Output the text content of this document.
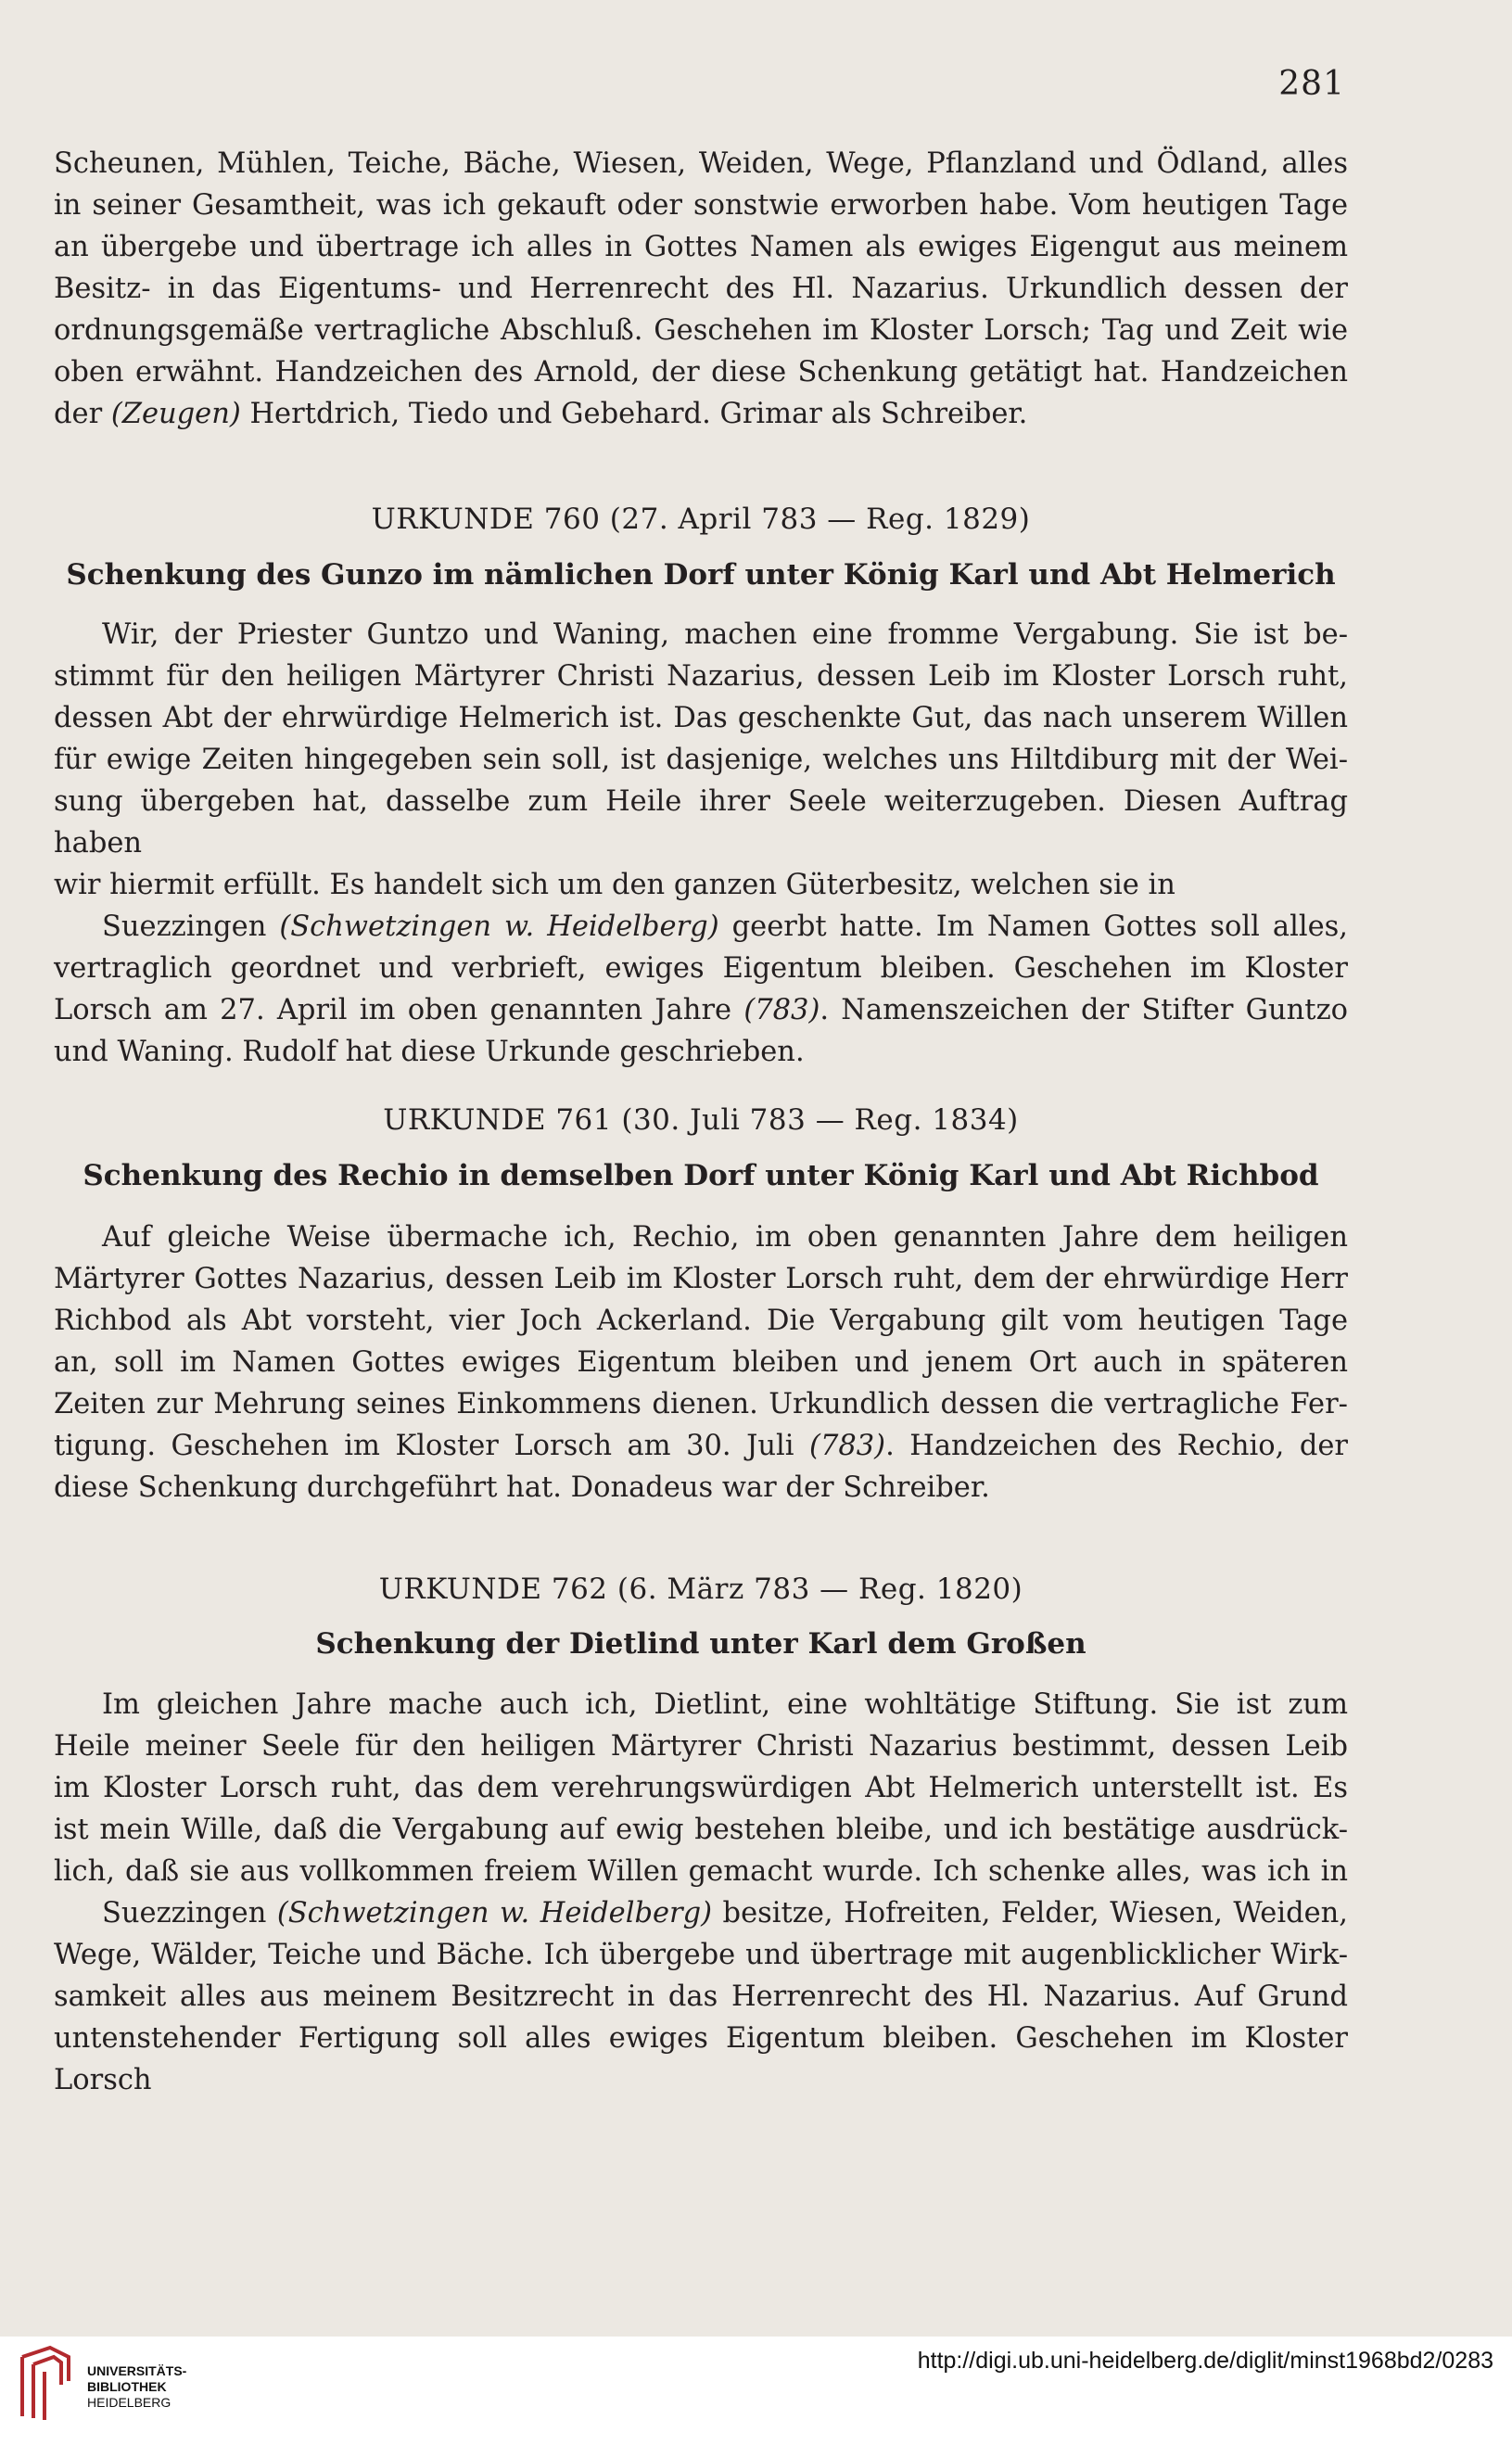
281

Scheunen, Mühlen, Teiche, Bäche, Wiesen, Weiden, Wege, Pflanzland und Ödland, alles

in seiner Gesamtheit, was ich gekauft oder sonstwie erworben habe. Vom heutigen Tage

an übergebe und übertrage ich alles in Gottes Namen als ewiges Eigengut aus meinem

Besitz- in das Eigentums- und Herrenrecht des Hl. Nazarius. Urkundlich dessen der

ordnungsgemäße vertragliche Abschluß. Geschehen im Kloster Lorsch; Tag und Zeit wie

oben erwähnt. Handzeichen des Arnold, der diese Schenkung getätigt hat. Handzeichen

der (Zeugen) Hertdrich, Tiedo und Gebehard. Grimar als Schreiber.

URKUNDE 760 (27. April 783 — Reg. 1829)
Schenkung des Gunzo im nämlichen Dorf unter König Karl und Abt Helmerich

Wir, der Priester Guntzo und Waning, machen eine fromme Vergabung. Sie ist be-

stimmt für den heiligen Märtyrer Christi Nazarius, dessen Leib im Kloster Lorsch ruht,

dessen Abt der ehrwürdige Helmerich ist. Das geschenkte Gut, das nach unserem Willen

für ewige Zeiten hingegeben sein soll, ist dasjenige, welches uns Hiltdiburg mit der Wei-

sung übergeben hat, dasselbe zum Heile ihrer Seele weiterzugeben. Diesen Auftrag haben

wir hiermit erfüllt. Es handelt sich um den ganzen Güterbesitz, welchen sie in

Suezzingen (Schwetzingen w. Heidelberg) geerbt hatte. Im Namen Gottes soll alles,

vertraglich geordnet und verbrieft, ewiges Eigentum bleiben. Geschehen im Kloster

Lorsch am 27. April im oben genannten Jahre (783). Namenszeichen der Stifter Guntzo

und Waning. Rudolf hat diese Urkunde geschrieben.

URKUNDE 761 (30. Juli 783 — Reg. 1834)
Schenkung des Rechio in demselben Dorf unter König Karl und Abt Richbod

Auf gleiche Weise übermache ich, Rechio, im oben genannten Jahre dem heiligen

Märtyrer Gottes Nazarius, dessen Leib im Kloster Lorsch ruht, dem der ehrwürdige Herr

Richbod als Abt vorsteht, vier Joch Ackerland. Die Vergabung gilt vom heutigen Tage

an, soll im Namen Gottes ewiges Eigentum bleiben und jenem Ort auch in späteren

Zeiten zur Mehrung seines Einkommens dienen. Urkundlich dessen die vertragliche Fer-

tigung. Geschehen im Kloster Lorsch am 30. Juli (783). Handzeichen des Rechio, der

diese Schenkung durchgeführt hat. Donadeus war der Schreiber.

URKUNDE 762 (6. März 783 — Reg. 1820)
Schenkung der Dietlind unter Karl dem Großen

Im gleichen Jahre mache auch ich, Dietlint, eine wohltätige Stiftung. Sie ist zum

Heile meiner Seele für den heiligen Märtyrer Christi Nazarius bestimmt, dessen Leib

im Kloster Lorsch ruht, das dem verehrungswürdigen Abt Helmerich unterstellt ist. Es

ist mein Wille, daß die Vergabung auf ewig bestehen bleibe, und ich bestätige ausdrück-

lich, daß sie aus vollkommen freiem Willen gemacht wurde. Ich schenke alles, was ich in

Suezzingen (Schwetzingen w. Heidelberg) besitze, Hofreiten, Felder, Wiesen, Weiden,

Wege, Wälder, Teiche und Bäche. Ich übergebe und übertrage mit augenblicklicher Wirk-

samkeit alles aus meinem Besitzrecht in das Herrenrecht des Hl. Nazarius. Auf Grund

untenstehender Fertigung soll alles ewiges Eigentum bleiben. Geschehen im Kloster Lorsch

UNIVERSITÄTS-
BIBLIOTHEK
HEIDELBERG
http://digi.ub.uni-heidelberg.de/diglit/minst1968bd2/0283
